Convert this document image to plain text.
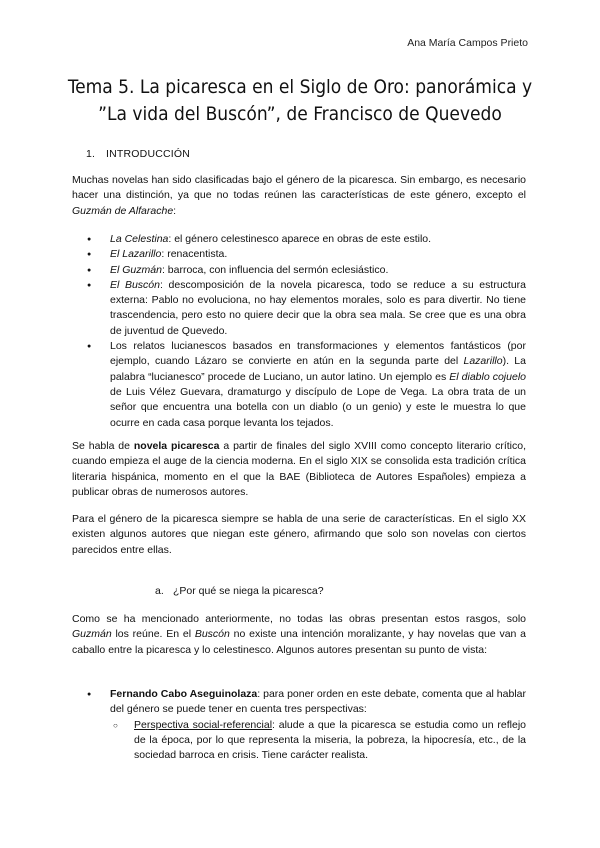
Ana María Campos Prieto
Tema 5. La picaresca en el Siglo de Oro: panorámica y ”La vida del Buscón”, de Francisco de Quevedo
1. INTRODUCCIÓN

Muchas novelas han sido clasificadas bajo el género de la picaresca. Sin embargo, es necesario hacer una distinción, ya que no todas reúnen las características de este género, excepto el Guzmán de Alfarache:

● La Celestina: el género celestinesco aparece en obras de este estilo.
● El Lazarillo: renacentista.
● El Guzmán: barroca, con influencia del sermón eclesiástico.
● El Buscón: descomposición de la novela picaresca, todo se reduce a su estructura externa: Pablo no evoluciona, no hay elementos morales, solo es para divertir. No tiene trascendencia, pero esto no quiere decir que la obra sea mala. Se cree que es una obra de juventud de Quevedo.
● Los relatos lucianescos basados en transformaciones y elementos fantásticos (por ejemplo, cuando Lázaro se convierte en atún en la segunda parte del Lazarillo). La palabra “lucianesco” procede de Luciano, un autor latino. Un ejemplo es El diablo cojuelo de Luis Vélez Guevara, dramaturgo y discípulo de Lope de Vega. La obra trata de un señor que encuentra una botella con un diablo (o un genio) y este le muestra lo que ocurre en cada casa porque levanta los tejados.

Se habla de novela picaresca a partir de finales del siglo XVIII como concepto literario crítico, cuando empieza el auge de la ciencia moderna. En el siglo XIX se consolida esta tradición crítica literaria hispánica, momento en el que la BAE (Biblioteca de Autores Españoles) empieza a publicar obras de numerosos autores.

Para el género de la picaresca siempre se habla de una serie de características. En el siglo XX existen algunos autores que niegan este género, afirmando que solo son novelas con ciertos parecidos entre ellas.

a. ¿Por qué se niega la picaresca?

Como se ha mencionado anteriormente, no todas las obras presentan estos rasgos, solo Guzmán los reúne. En el Buscón no existe una intención moralizante, y hay novelas que van a caballo entre la picaresca y lo celestinesco. Algunos autores presentan su punto de vista:

● Fernando Cabo Aseguinolaza: para poner orden en este debate, comenta que al hablar del género se puede tener en cuenta tres perspectivas:
○ Perspectiva social-referencial: alude a que la picaresca se estudia como un reflejo de la época, por lo que representa la miseria, la pobreza, la hipocresía, etc., de la sociedad barroca en crisis. Tiene carácter realista.
